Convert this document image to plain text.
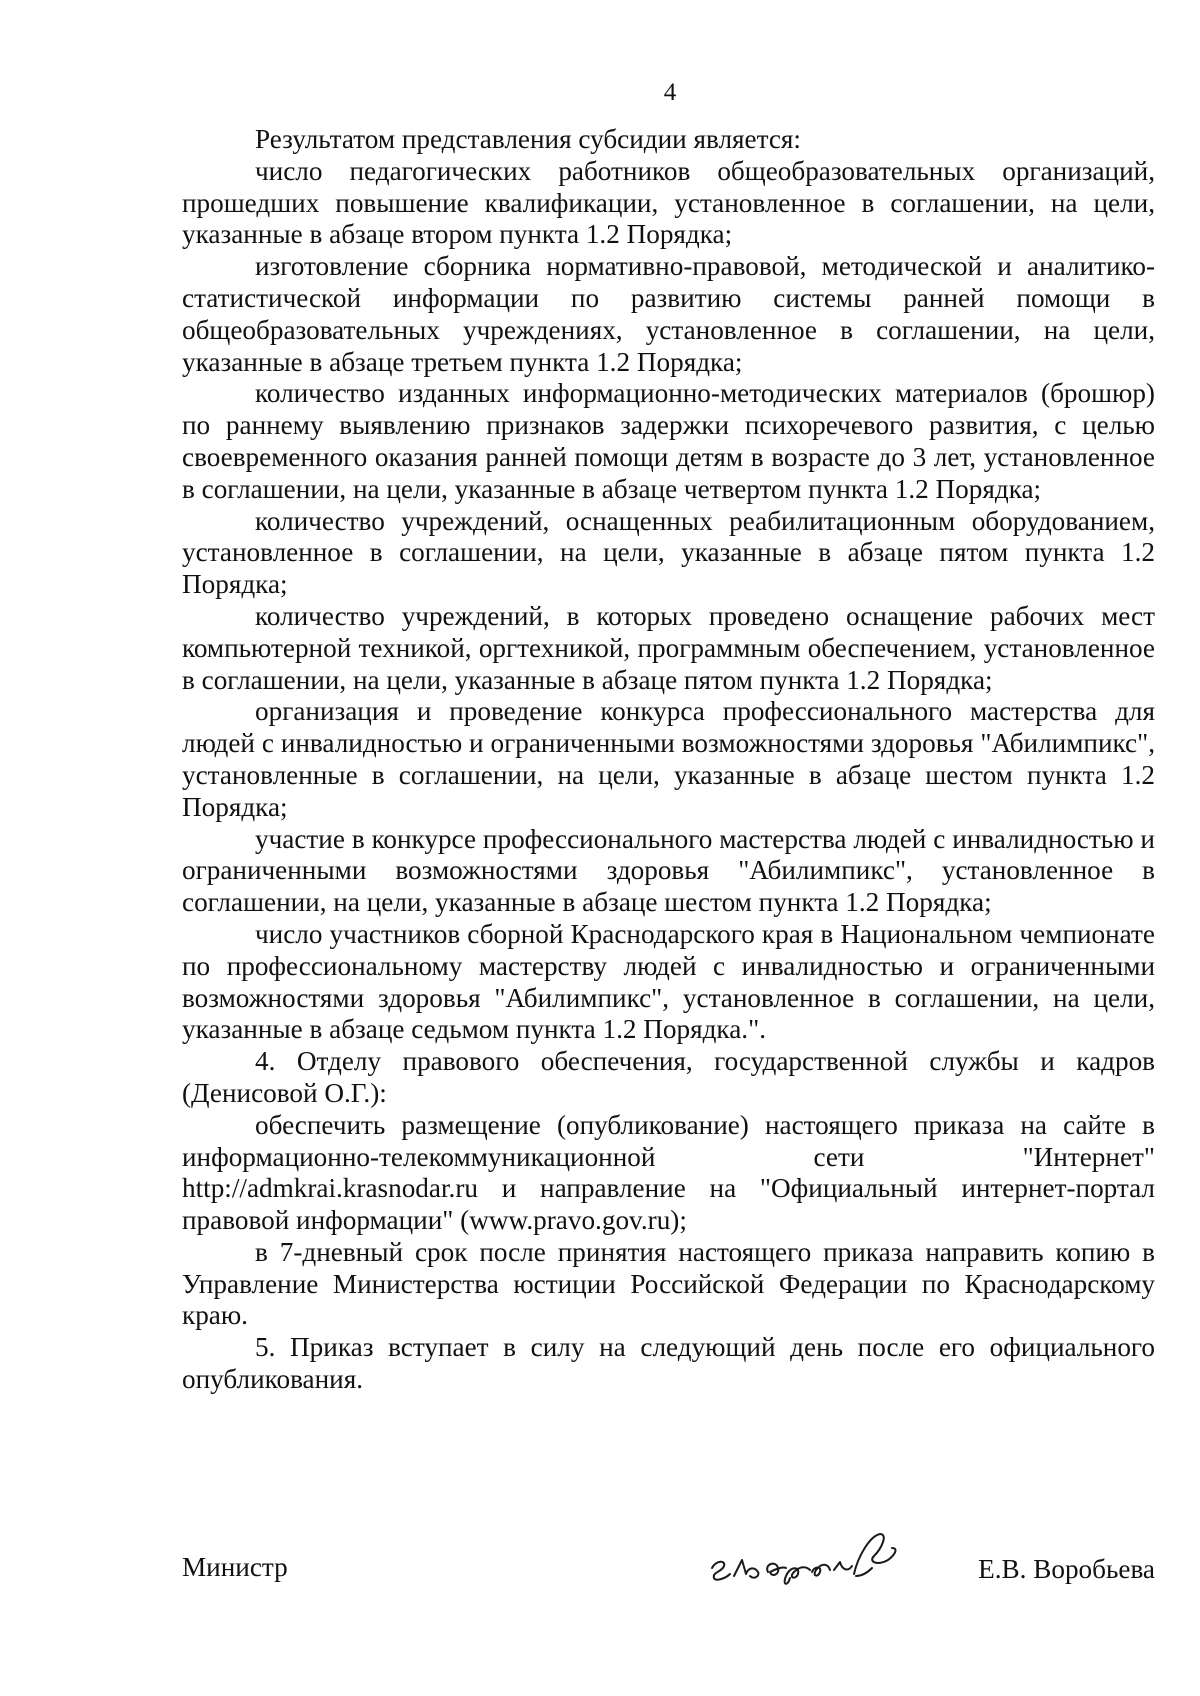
4

Результатом представления субсидии является:

число педагогических работников общеобразовательных организаций, прошедших повышение квалификации, установленное в соглашении, на цели, указанные в абзаце втором пункта 1.2 Порядка;

изготовление сборника нормативно-правовой, методической и аналитико-статистической информации по развитию системы ранней помощи в общеобразовательных учреждениях, установленное в соглашении, на цели, указанные в абзаце третьем пункта 1.2 Порядка;

количество изданных информационно-методических материалов (брошюр) по раннему выявлению признаков задержки психоречевого развития, с целью своевременного оказания ранней помощи детям в возрасте до 3 лет, установленное в соглашении, на цели, указанные в абзаце четвертом пункта 1.2 Порядка;

количество учреждений, оснащенных реабилитационным оборудованием, установленное в соглашении, на цели, указанные в абзаце пятом пункта 1.2 Порядка;

количество учреждений, в которых проведено оснащение рабочих мест компьютерной техникой, оргтехникой, программным обеспечением, установленное в соглашении, на цели, указанные в абзаце пятом пункта 1.2 Порядка;

организация и проведение конкурса профессионального мастерства для людей с инвалидностью и ограниченными возможностями здоровья "Абилимпикс", установленные в соглашении, на цели, указанные в абзаце шестом пункта 1.2 Порядка;

участие в конкурсе профессионального мастерства людей с инвалидностью и ограниченными возможностями здоровья "Абилимпикс", установленное в соглашении, на цели, указанные в абзаце шестом пункта 1.2 Порядка;

число участников сборной Краснодарского края в Национальном чемпионате по профессиональному мастерству людей с инвалидностью и ограниченными возможностями здоровья "Абилимпикс", установленное в соглашении, на цели, указанные в абзаце седьмом пункта 1.2 Порядка.".

4. Отделу правового обеспечения, государственной службы и кадров (Денисовой О.Г.):

обеспечить размещение (опубликование) настоящего приказа на сайте в информационно-телекоммуникационной сети "Интернет" http://admkrai.krasnodar.ru и направление на "Официальный интернет-портал правовой информации" (www.pravo.gov.ru);

в 7-дневный срок после принятия настоящего приказа направить копию в Управление Министерства юстиции Российской Федерации по Краснодарскому краю.

5. Приказ вступает в силу на следующий день после его официального опубликования.

Министр	Е.В. Воробьева
